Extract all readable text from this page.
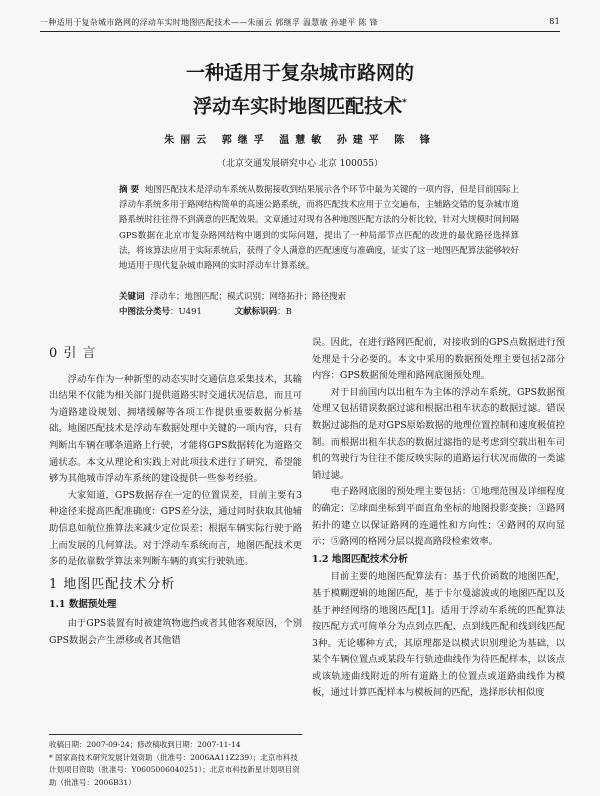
一种适用于复杂城市路网的浮动车实时地图匹配技术——朱丽云 郭继孚 温慧敏 孙建平 陈 锋	81
一种适用于复杂城市路网的
浮动车实时地图匹配技术*
朱丽云 郭继孚 温慧敏 孙建平 陈 锋
（北京交通发展研究中心 北京 100055）
摘 要 地图匹配技术是浮动车系统从数据接收到结果展示各个环节中最为关键的一项内容，但是目前国际上浮动车系统多用于路网结构简单的高速公路系统，而将匹配技术应用于立交遍布，主辅路交错的复杂城市道路系统时往往得不到满意的匹配效果。文章通过对现有各种地图匹配方法的分析比较，针对大规模时间间隔GPS数据在北京市复杂路网结构中遇到的实际问题，提出了一种局部节点匹配的改进的最优路径选择算法，将该算法应用于实际系统后，获得了令人满意的匹配速度与准确度，证实了这一地图匹配算法能够较好地适用于现代复杂城市路网的实时浮动车计算系统。
关键词 浮动车；地图匹配；模式识别；网络拓扑；路径搜索
中图法分类号：U491	文献标识码：B
0 引 言

浮动车作为一种新型的动态实时交通信息采集技术，其输出结果不仅能为相关部门提供道路实时交通状况信息，而且可为道路建设规划、拥堵缓解等各项工作提供重要数据分析基础。地图匹配技术是浮动车数据处理中关键的一项内容，只有判断出车辆在哪条道路上行驶，才能将GPS数据转化为道路交通状态。本文从理论和实践上对此项技术进行了研究，希望能够为其他城市浮动车系统的建设提供一些参考经验。

大家知道，GPS数据存在一定的位置误差，目前主要有3种途径来提高匹配准确度：GPS差分法，通过同时获取其他辅助信息如航位推算法来减少定位误差；根据车辆实际行驶于路上而发展的几何算法。对于浮动车系统而言，地图匹配技术更多的是依靠数学算法来判断车辆的真实行驶轨迹。

1 地图匹配技术分析
1.1 数据预处理

由于GPS装置有时被建筑物遮挡或者其他客观原因，个别GPS数据会产生漂移或者其他错

收稿日期：2007-09-24；修改稿收到日期：2007-11-14
* 国家高技术研究发展计划资助（批准号：2006AA11Z239）；北京市科技计划项目资助（批准号：Y0605006040251）；北京市科技新星计划项目资助（批准号：2006B31）

误。因此，在进行路网匹配前，对接收到的GPS点数据进行预处理是十分必要的。本文中采用的数据预处理主要包括2部分内容：GPS数据预处理和路网底图预处理。

对于目前国内以出租车为主体的浮动车系统，GPS数据预处理又包括错误数据过滤和根据出租车状态的数据过滤。错误数据过滤指的是对GPS原始数据的地理位置控制和速度极值控制。而根据出租车状态的数据过滤指的是考虑到空载出租车司机的驾驶行为往往不能反映实际的道路运行状况而做的一类滤销过滤。

电子路网底图的预处理主要包括：①地理范围及详细程度的确定；②球面坐标到平面直角坐标的地图投影变换；③路网拓扑的建立以保证路网的连通性和方向性；④路网的双向显示；⑤路网的格网分层以提高路段检索效率。

1.2 地图匹配技术分析

目前主要的地图匹配算法有：基于代价函数的地图匹配，基于模糊逻辑的地图匹配，基于卡尔曼滤波或的地图匹配以及基于神经网络的地图匹配[1]。适用于浮动车系统的匹配算法按匹配方式可简单分为点到点匹配、点到线匹配和线到线匹配3种。无论哪种方式，其原理都是以模式识别理论为基础，以某个车辆位置点或某段车行轨迹曲线作为待匹配样本，以该点或该轨迹曲线附近的所有道路上的位置点或道路曲线作为模板，通过计算匹配样本与模板间的匹配，选择形状相似度
